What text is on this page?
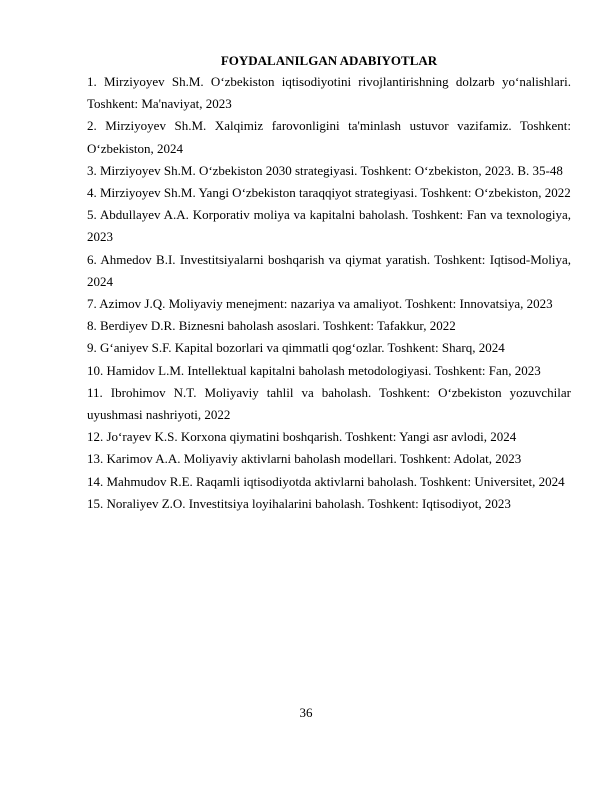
FOYDALANILGAN ADABIYOTLAR
1. Mirziyoyev Sh.M. O‘zbekiston iqtisodiyotini rivojlantirishning dolzarb yo‘nalishlari. Toshkent: Ma'naviyat, 2023
2. Mirziyoyev Sh.M. Xalqimiz farovonligini ta'minlash ustuvor vazifamiz. Toshkent: O‘zbekiston, 2024
3. Mirziyoyev Sh.M. O‘zbekiston 2030 strategiyasi. Toshkent: O‘zbekiston, 2023. B. 35-48
4. Mirziyoyev Sh.M. Yangi O‘zbekiston taraqqiyot strategiyasi. Toshkent: O‘zbekiston, 2022
5. Abdullayev A.A. Korporativ moliya va kapitalni baholash. Toshkent: Fan va texnologiya, 2023
6. Ahmedov B.I. Investitsiyalarni boshqarish va qiymat yaratish. Toshkent: Iqtisod-Moliya, 2024
7. Azimov J.Q. Moliyaviy menejment: nazariya va amaliyot. Toshkent: Innovatsiya, 2023
8. Berdiyev D.R. Biznesni baholash asoslari. Toshkent: Tafakkur, 2022
9. G‘aniyev S.F. Kapital bozorlari va qimmatli qog‘ozlar. Toshkent: Sharq, 2024
10. Hamidov L.M. Intellektual kapitalni baholash metodologiyasi. Toshkent: Fan, 2023
11. Ibrohimov N.T. Moliyaviy tahlil va baholash. Toshkent: O‘zbekiston yozuvchilar uyushmasi nashriyoti, 2022
12. Jo‘rayev K.S. Korxona qiymatini boshqarish. Toshkent: Yangi asr avlodi, 2024
13. Karimov A.A. Moliyaviy aktivlarni baholash modellari. Toshkent: Adolat, 2023
14. Mahmudov R.E. Raqamli iqtisodiyotda aktivlarni baholash. Toshkent: Universitet, 2024
15. Noraliyev Z.O. Investitsiya loyihalarini baholash. Toshkent: Iqtisodiyot, 2023
36
